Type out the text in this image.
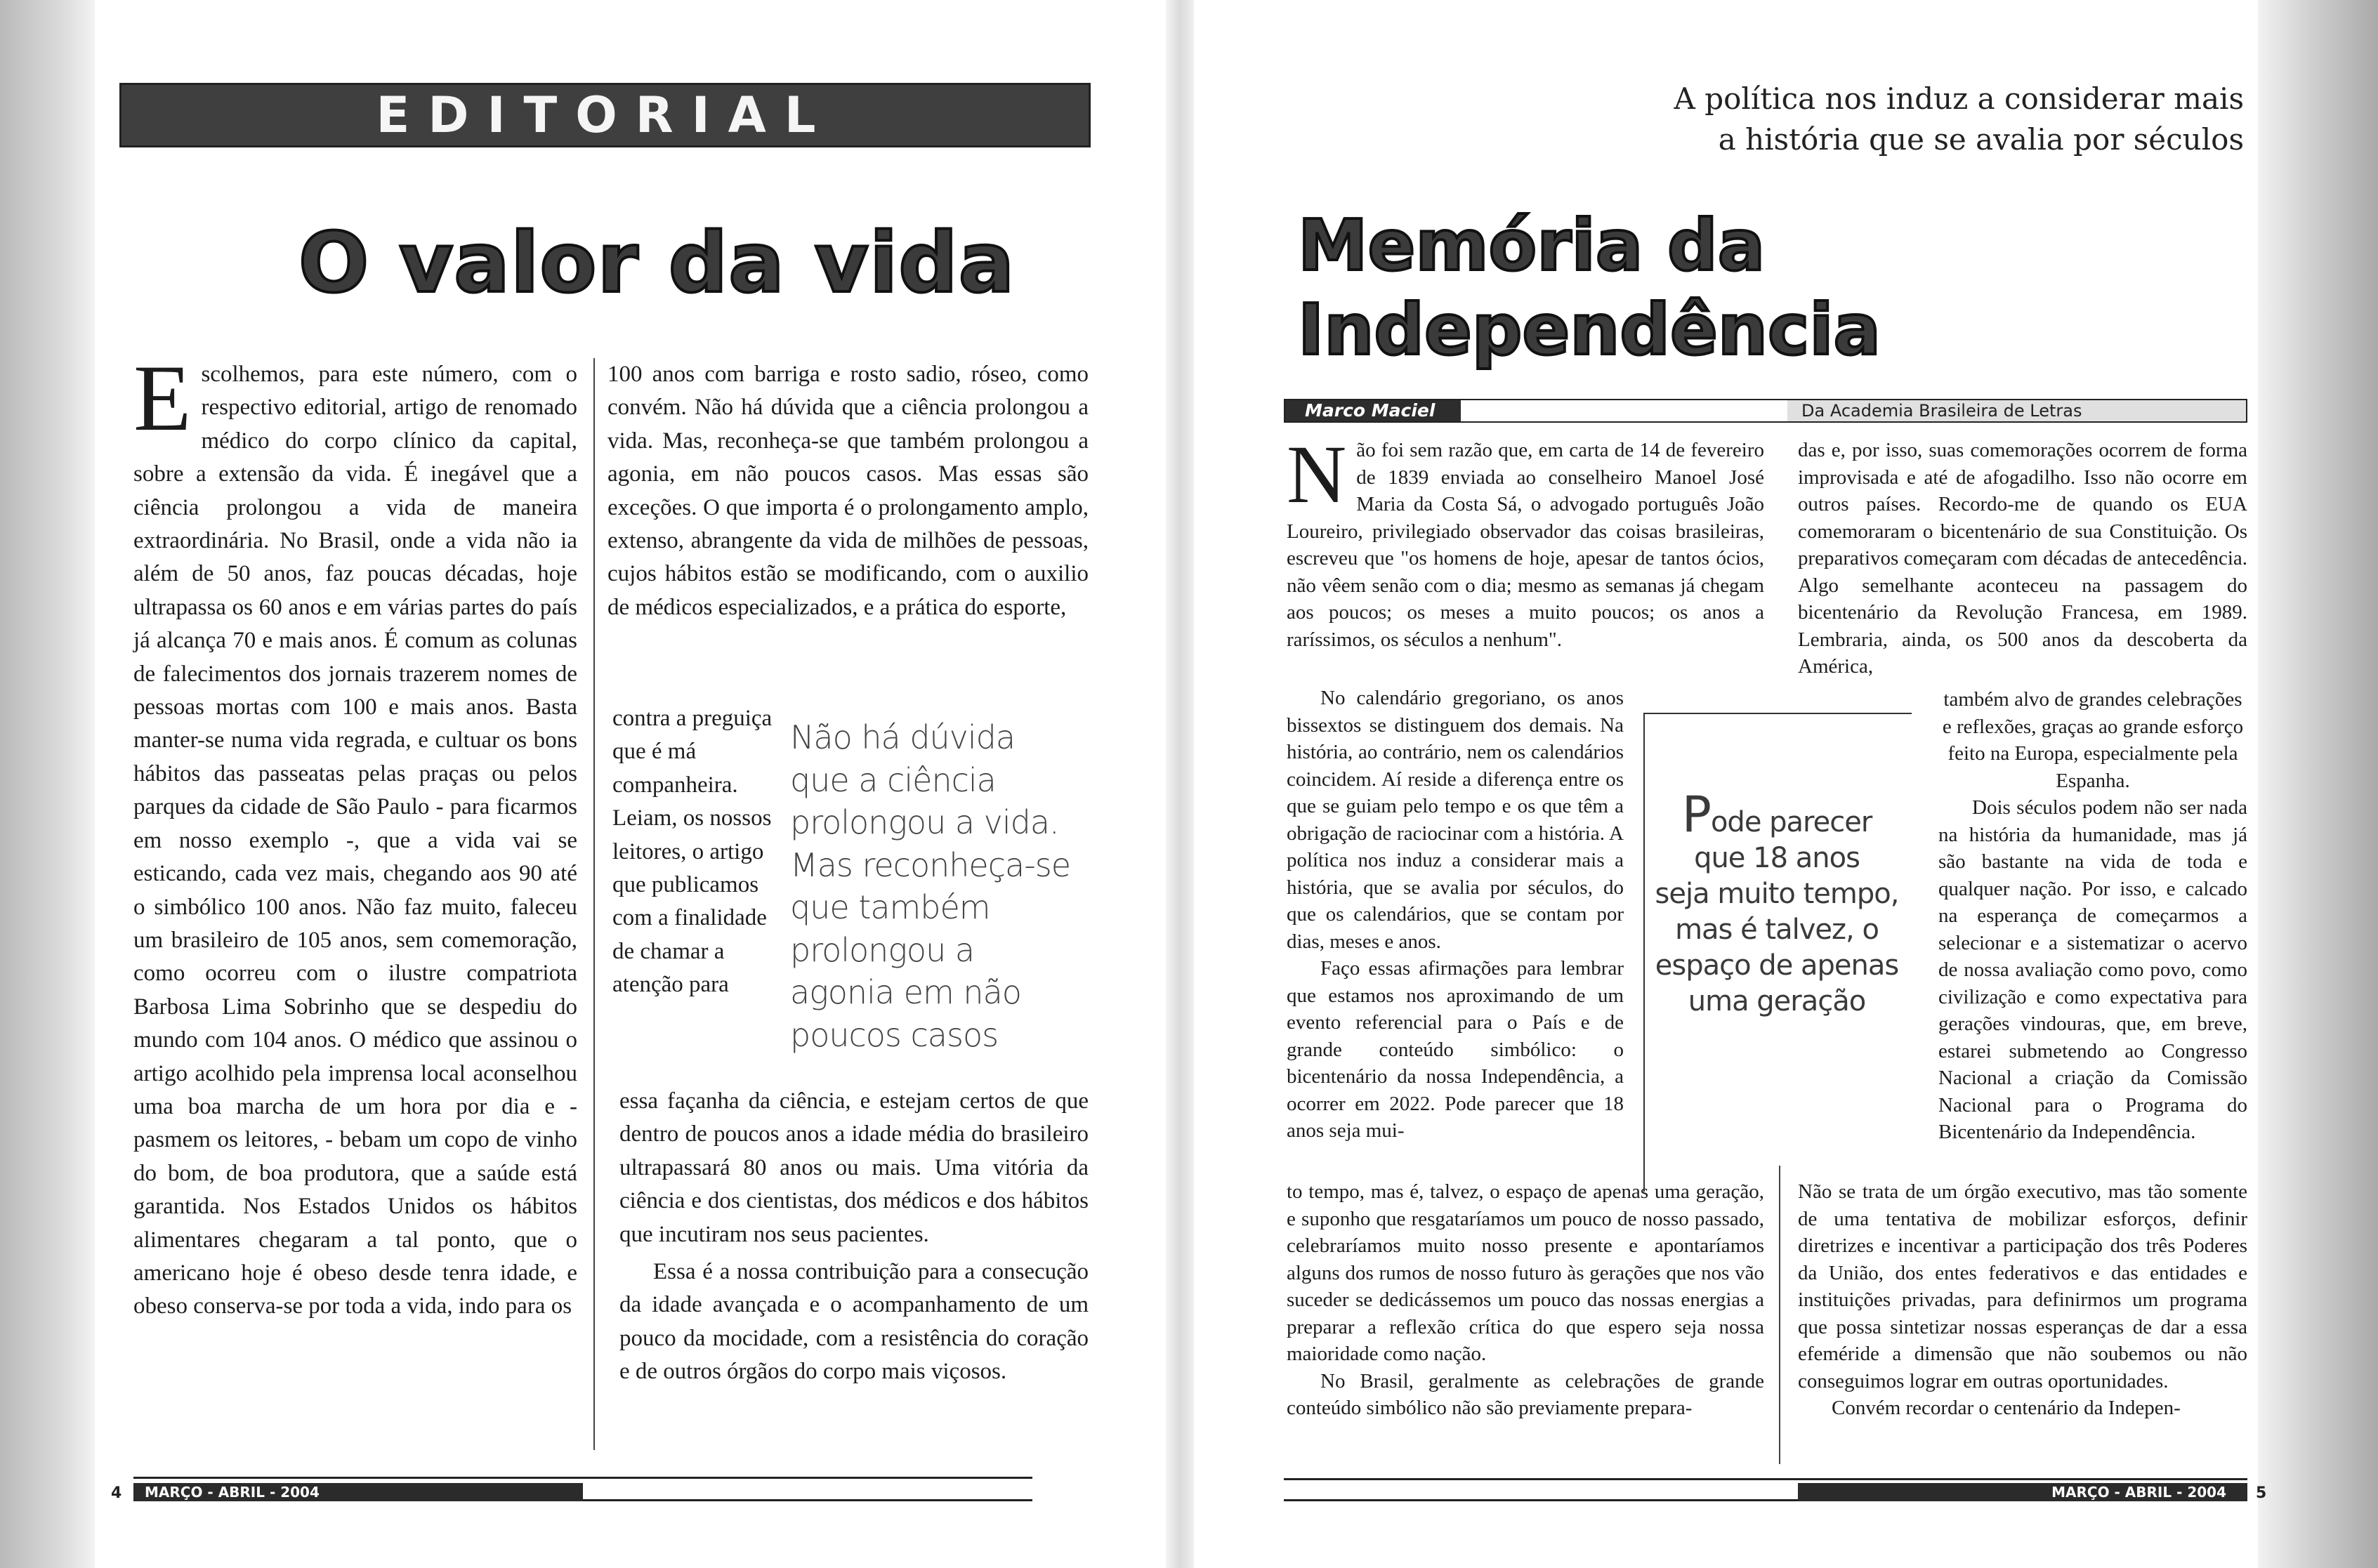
EDITORIAL
O valor da vida

Escolhemos, para este número, com o respectivo editorial, artigo de renomado médico do corpo clínico da capital, sobre a extensão da vida. É inegável que a ciência prolongou a vida de maneira extraordinária. No Brasil, onde a vida não ia além de 50 anos, faz poucas décadas, hoje ultrapassa os 60 anos e em várias partes do país já alcança 70 e mais anos. É comum as colunas de falecimentos dos jornais trazerem nomes de pessoas mortas com 100 e mais anos. Basta manter-se numa vida regrada, e cultuar os bons hábitos das passeatas pelas praças ou pelos parques da cidade de São Paulo - para ficarmos em nosso exemplo -, que a vida vai se esticando, cada vez mais, chegando aos 90 até o simbólico 100 anos. Não faz muito, faleceu um brasileiro de 105 anos, sem comemoração, como ocorreu com o ilustre compatriota Barbosa Lima Sobrinho que se despediu do mundo com 104 anos. O médico que assinou o artigo acolhido pela imprensa local aconselhou uma boa marcha de um hora por dia e - pasmem os leitores, - bebam um copo de vinho do bom, de boa produtora, que a saúde está garantida. Nos Estados Unidos os hábitos alimentares chegaram a tal ponto, que o americano hoje é obeso desde tenra idade, e obeso conserva-se por toda a vida, indo para os

100 anos com barriga e rosto sadio, róseo, como convém. Não há dúvida que a ciência prolongou a vida. Mas, reconheça-se que também prolongou a agonia, em não poucos casos. Mas essas são exceções. O que importa é o prolongamento amplo, extenso, abrangente da vida de milhões de pessoas, cujos hábitos estão se modificando, com o auxilio de médicos especializados, e a prática do esporte,

contra a preguiça que é má companheira. Leiam, os nossos leitores, o artigo que publicamos com a finalidade de chamar a atenção para

Não há dúvida
que a ciência
prolongou a vida.
Mas reconheça-se
que também
prolongou a
agonia em não
poucos casos

essa façanha da ciência, e estejam certos de que dentro de poucos anos a idade média do brasileiro ultrapassará 80 anos ou mais. Uma vitória da ciência e dos cientistas, dos médicos e dos hábitos que incutiram nos seus pacientes.

Essa é a nossa contribuição para a consecução da idade avançada e o acompanhamento de um pouco da mocidade, com a resistência do coração e de outros órgãos do corpo mais viçosos.

4	MARÇO - ABRIL - 2004
A política nos induz a considerar mais
a história que se avalia por séculos
Memória da
Independência
Marco Maciel	Da Academia Brasileira de Letras

Não foi sem razão que, em carta de 14 de fevereiro de 1839 enviada ao conselheiro Manoel José Maria da Costa Sá, o advogado português João Loureiro, privilegiado observador das coisas brasileiras, escreveu que "os homens de hoje, apesar de tantos ócios, não vêem senão com o dia; mesmo as semanas já chegam aos poucos; os meses a muito poucos; os anos a raríssimos, os séculos a nenhum".

No calendário gregoriano, os anos bissextos se distinguem dos demais. Na história, ao contrário, nem os calendários coincidem. Aí reside a diferença entre os que se guiam pelo tempo e os que têm a obrigação de raciocinar com a história. A política nos induz a considerar mais a história, que se avalia por séculos, do que os calendários, que se contam por dias, meses e anos.

Faço essas afirmações para lembrar que estamos nos aproximando de um evento referencial para o País e de grande conteúdo simbólico: o bicentenário da nossa Independência, a ocorrer em 2022. Pode parecer que 18 anos seja mui-

to tempo, mas é, talvez, o espaço de apenas uma geração, e suponho que resgataríamos um pouco de nosso passado, celebraríamos muito nosso presente e apontaríamos alguns dos rumos de nosso futuro às gerações que nos vão suceder se dedicássemos um pouco das nossas energias a preparar a reflexão crítica do que espero seja nossa maioridade como nação.

No Brasil, geralmente as celebrações de grande conteúdo simbólico não são previamente prepara-

Pode parecer
que 18 anos
seja muito tempo,
mas é talvez, o
espaço de apenas
uma geração

das e, por isso, suas comemorações ocorrem de forma improvisada e até de afogadilho. Isso não ocorre em outros países. Recordo-me de quando os EUA comemoraram o bicentenário de sua Constituição. Os preparativos começaram com décadas de antecedência. Algo semelhante aconteceu na passagem do bicentenário da Revolução Francesa, em 1989. Lembraria, ainda, os 500 anos da descoberta da América,

também alvo de grandes celebrações e reflexões, graças ao grande esforço feito na Europa, especialmente pela Espanha.

Dois séculos podem não ser nada na história da humanidade, mas já são bastante na vida de toda e qualquer nação. Por isso, e calcado na esperança de começarmos a selecionar e a sistematizar o acervo de nossa avaliação como povo, como civilização e como expectativa para gerações vindouras, que, em breve, estarei submetendo ao Congresso Nacional a criação da Comissão Nacional para o Programa do Bicentenário da Independência.

Não se trata de um órgão executivo, mas tão somente de uma tentativa de mobilizar esforços, definir diretrizes e incentivar a participação dos três Poderes da União, dos entes federativos e das entidades e instituições privadas, para definirmos um programa que possa sintetizar nossas esperanças de dar a essa efeméride a dimensão que não soubemos ou não conseguimos lograr em outras oportunidades.

Convém recordar o centenário da Indepen-

MARÇO - ABRIL - 2004	5
